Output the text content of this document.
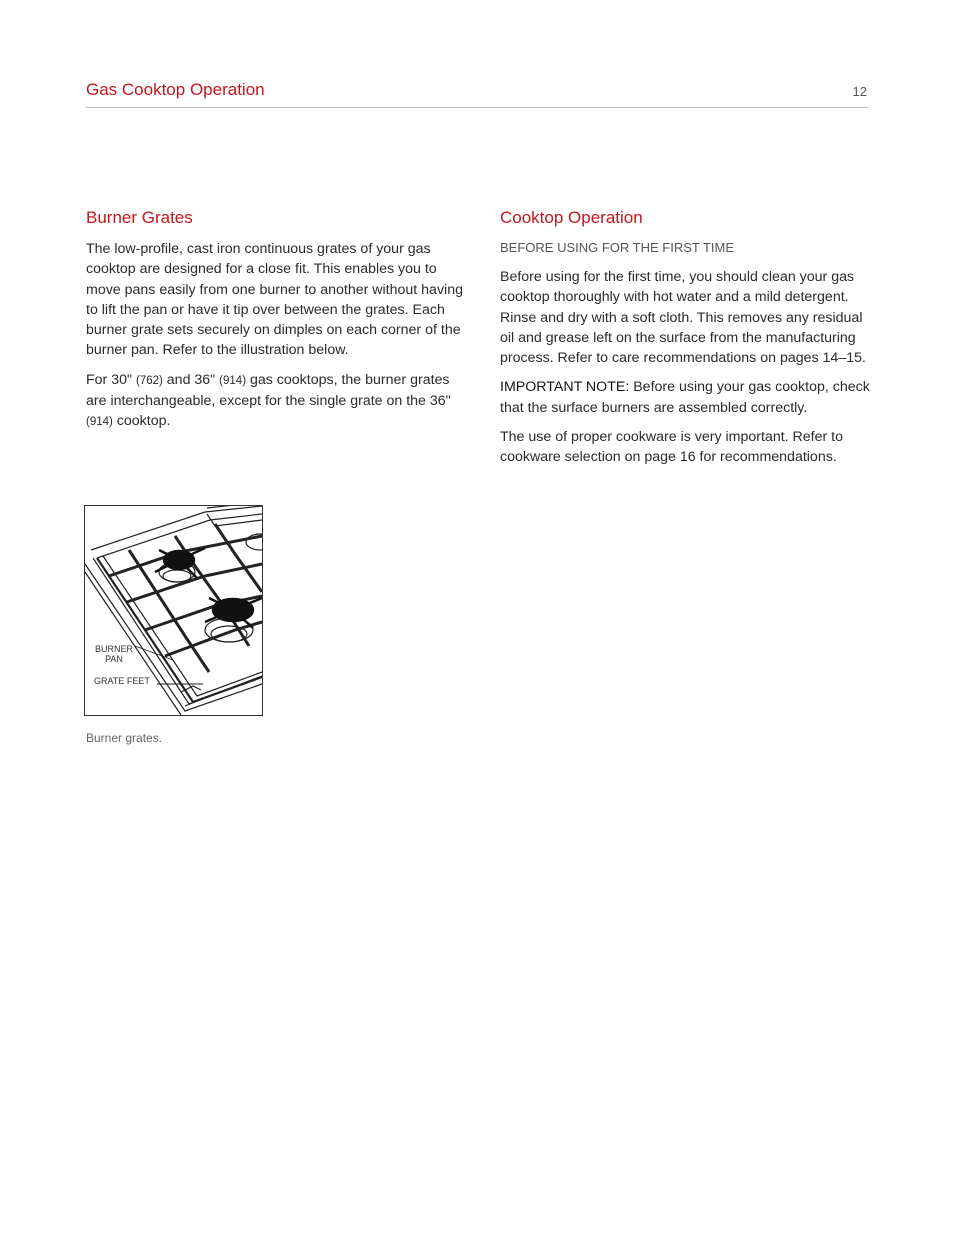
Gas Cooktop Operation	12
Burner Grates

The low-profile, cast iron continuous grates of your gas cooktop are designed for a close fit. This enables you to move pans easily from one burner to another without having to lift the pan or have it tip over between the grates. Each burner grate sets securely on dimples on each corner of the burner pan. Refer to the illustration below.

For 30" (762) and 36" (914) gas cooktops, the burner grates are interchangeable, except for the single grate on the 36" (914) cooktop.

Cooktop Operation
BEFORE USING FOR THE FIRST TIME

Before using for the first time, you should clean your gas cooktop thoroughly with hot water and a mild detergent. Rinse and dry with a soft cloth. This removes any residual oil and grease left on the surface from the manufacturing process. Refer to care recommendations on pages 14–15.

IMPORTANT NOTE: Before using your gas cooktop, check that the surface burners are assembled correctly.

The use of proper cookware is very important. Refer to cookware selection on page 16 for recommendations.

BURNER
PAN
GRATE FEET
Burner grates.
